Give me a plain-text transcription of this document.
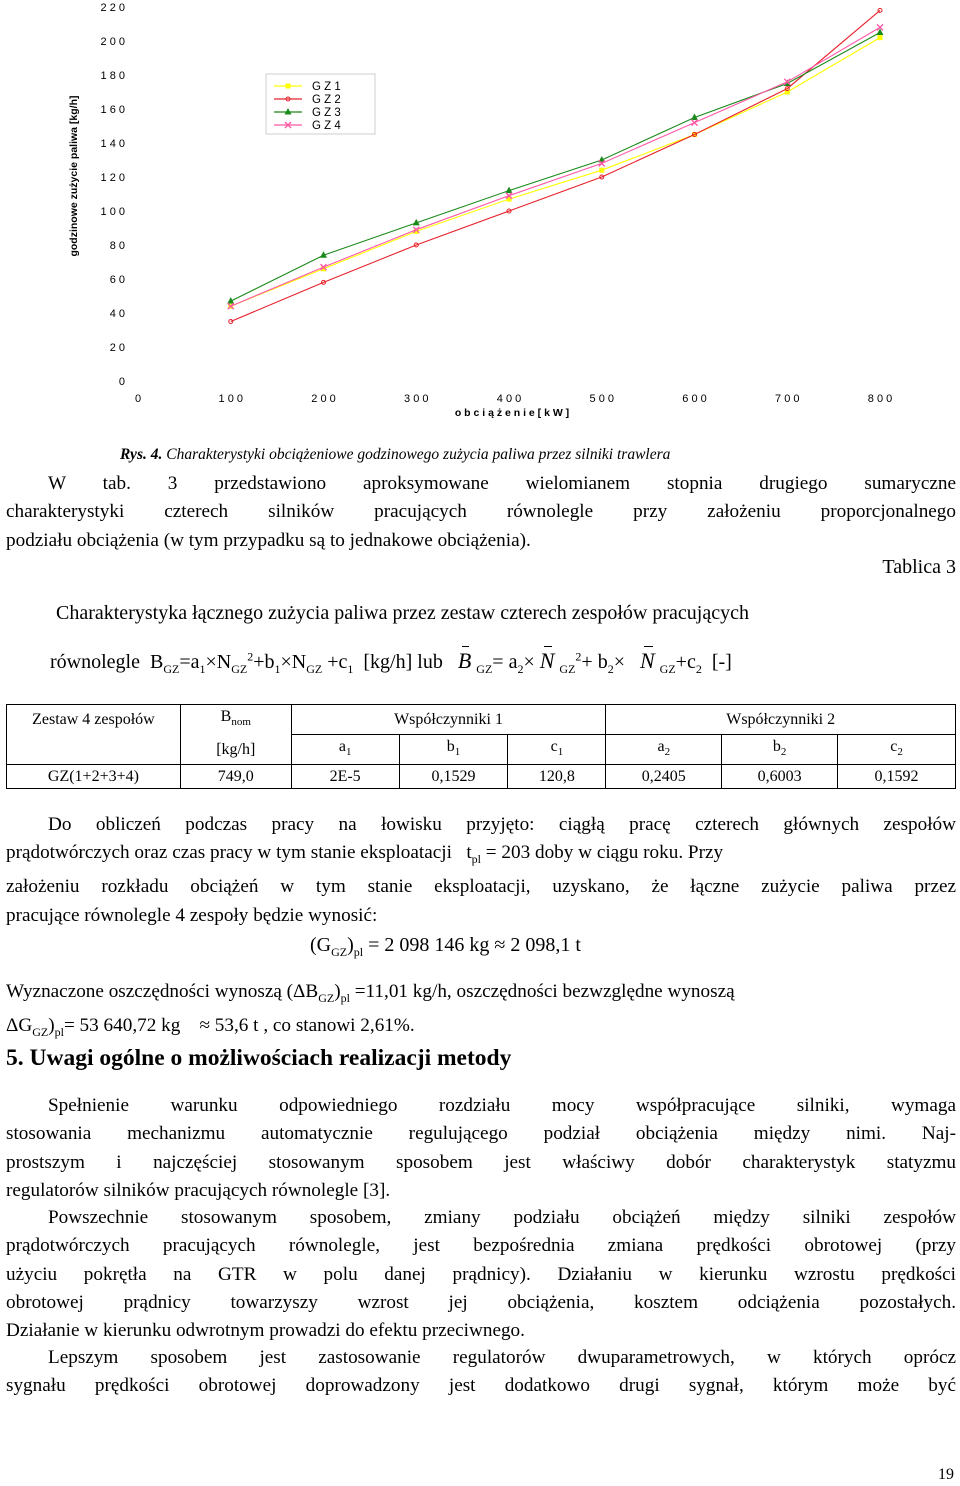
0
2 0
4 0
6 0
8 0
1 0 0
1 2 0
1 4 0
1 6 0
1 8 0
2 0 0
2 2 0
0	1 0 0	2 0 0	3 0 0	4 0 0	5 0 0	6 0 0	7 0 0	8 0 0
o b c i ą ż e n i e [ k W ]
godzinowe zużycie paliwa [kg/h]
G Z 1
G Z 2
G Z 3
G Z 4
Rys. 4. Charakterystyki obciążeniowe godzinowego zużycia paliwa przez silniki trawlera
W tab. 3 przedstawiono aproksymowane wielomianem stopnia drugiego sumaryczne
charakterystyki czterech silników pracujących równolegle przy założeniu proporcjonalnego
podziału obciążenia (w tym przypadku są to jednakowe obciążenia).
Tablica 3
Charakterystyka łącznego zużycia paliwa przez zestaw czterech zespołów pracujących
równolegle $B_{GZ}=a_1\times N_{GZ}^2+b_1\times N_{GZ} +c_1$ [kg/h] lub B $_{GZ}= a_2\times N$ $_{GZ}^2+ b_2\times N$ $_{GZ}+c_2$ [-]
Zestaw 4 zespołów	$B_{nom}$	Współczynniki 1			Współczynniki 2		
	[kg/h]	$a_1$	$b_1$	$c_1$	$a_2$	$b_2$	$c_2$
GZ(1+2+3+4)	749,0	2E-5	0,1529	120,8	0,2405	0,6003	0,1592
Do obliczeń podczas pracy na łowisku przyjęto: ciągłą pracę czterech głównych zespołów
prądotwórczych oraz czas pracy w tym stanie eksploatacji $t_{pl} = 203$ doby w ciągu roku. Przy
założeniu rozkładu obciążeń w tym stanie eksploatacji, uzyskano, że łączne zużycie paliwa przez
pracujące równolegle 4 zespoły będzie wynosić:
$(G_{GZ})_{pl} = 2$ 098 146 kg ≈ 2 098,1 t
Wyznaczone oszczędności wynoszą $(\Delta B_{GZ})_{pl} =11,01$ kg/h, oszczędności bezwzględne wynoszą
$\Delta G_{GZ})_{pl}= 53$ 640,72 kg ≈ 53,6 t , co stanowi 2,61%.
5. Uwagi ogólne o możliwościach realizacji metody
Spełnienie warunku odpowiedniego rozdziału mocy współpracujące silniki, wymaga
stosowania mechanizmu automatycznie regulującego podział obciążenia między nimi. Naj-
prostszym i najczęściej stosowanym sposobem jest właściwy dobór charakterystyk statyzmu
regulatorów silników pracujących równolegle [3].
Powszechnie stosowanym sposobem, zmiany podziału obciążeń między silniki zespołów
prądotwórczych pracujących równolegle, jest bezpośrednia zmiana prędkości obrotowej (przy
użyciu pokrętła na GTR w polu danej prądnicy). Działaniu w kierunku wzrostu prędkości
obrotowej prądnicy towarzyszy wzrost jej obciążenia, kosztem odciążenia pozostałych.
Działanie w kierunku odwrotnym prowadzi do efektu przeciwnego.
Lepszym sposobem jest zastosowanie regulatorów dwuparametrowych, w których oprócz
sygnału prędkości obrotowej doprowadzony jest dodatkowo drugi sygnał, którym może być
19
